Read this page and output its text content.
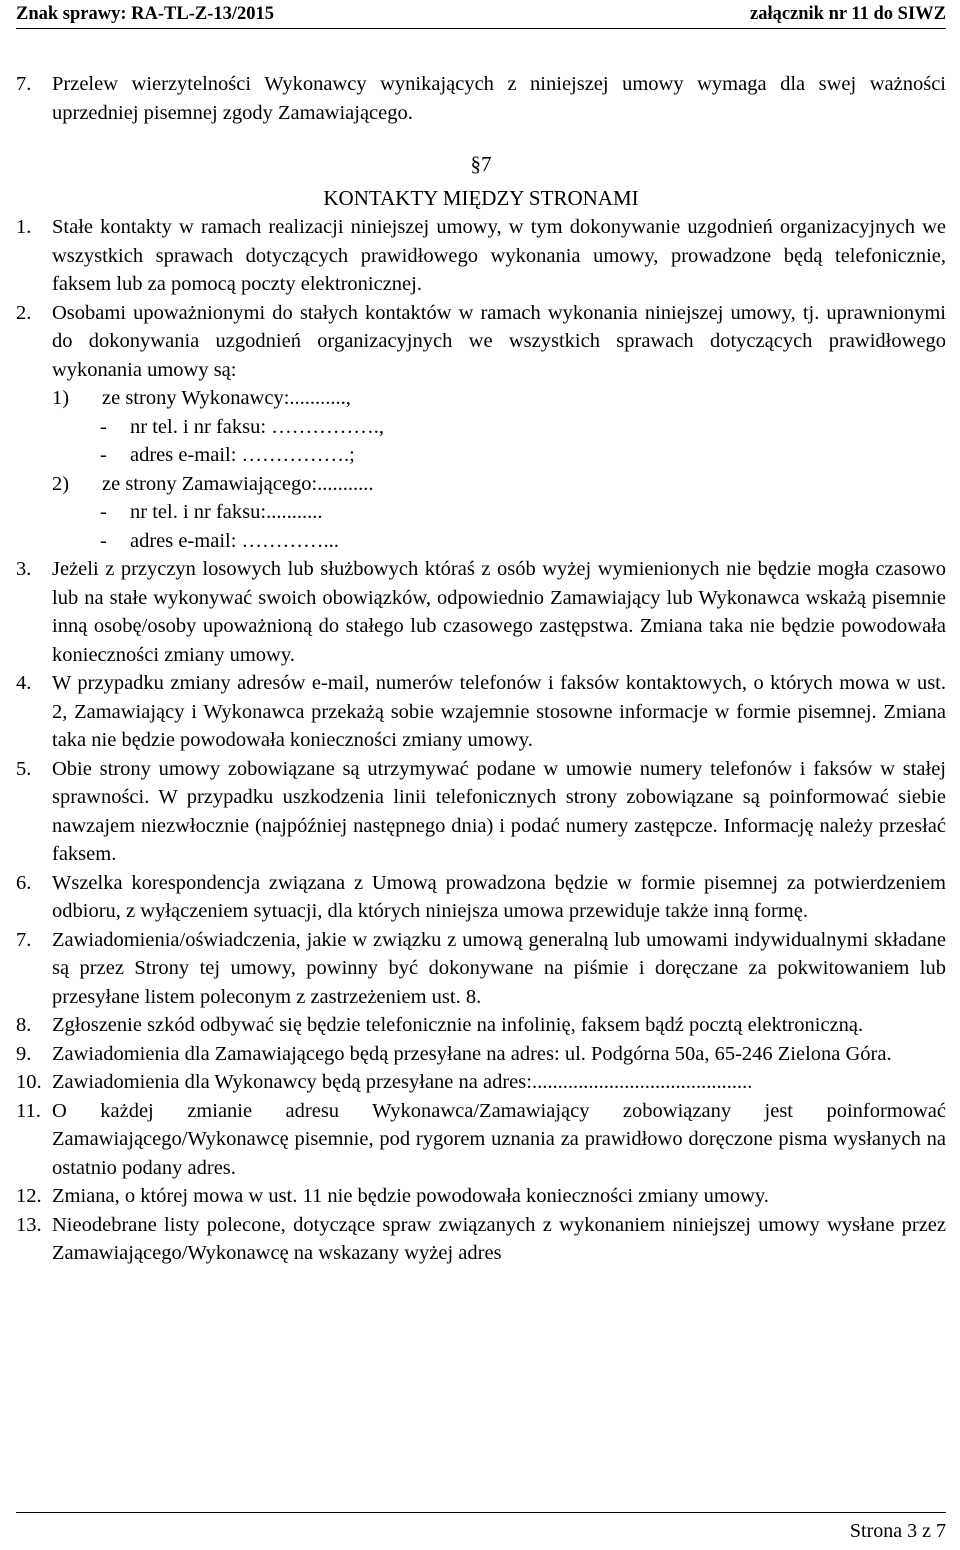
Znak sprawy: RA-TL-Z-13/2015	załącznik nr 11 do SIWZ
7.	Przelew wierzytelności Wykonawcy wynikających z niniejszej umowy wymaga dla swej ważności uprzedniej pisemnej zgody Zamawiającego.
§7
KONTAKTY MIĘDZY STRONAMI
1.	Stałe kontakty w ramach realizacji niniejszej umowy, w tym dokonywanie uzgodnień organizacyjnych we wszystkich sprawach dotyczących prawidłowego wykonania umowy, prowadzone będą telefonicznie, faksem lub za pomocą poczty elektronicznej.
2.	Osobami upoważnionymi do stałych kontaktów w ramach wykonania niniejszej umowy, tj. uprawnionymi do dokonywania uzgodnień organizacyjnych we wszystkich sprawach dotyczących prawidłowego wykonania umowy są:
1)	ze strony Wykonawcy:...........,
-	nr tel. i nr faksu: …………….,
-	adres e-mail: …………….;
2)	ze strony Zamawiającego:...........
-	nr tel. i nr faksu:...........
-	adres e-mail: …………...
3.	Jeżeli z przyczyn losowych lub służbowych któraś z osób wyżej wymienionych nie będzie mogła czasowo lub na stałe wykonywać swoich obowiązków, odpowiednio Zamawiający lub Wykonawca wskażą pisemnie inną osobę/osoby upoważnioną do stałego lub czasowego zastępstwa. Zmiana taka nie będzie powodowała konieczności zmiany umowy.
4.	W przypadku zmiany adresów e-mail, numerów telefonów i faksów kontaktowych, o których mowa w ust. 2, Zamawiający i Wykonawca przekażą sobie wzajemnie stosowne informacje w formie pisemnej. Zmiana taka nie będzie powodowała konieczności zmiany umowy.
5.	Obie strony umowy zobowiązane są utrzymywać podane w umowie numery telefonów i faksów w stałej sprawności. W przypadku uszkodzenia linii telefonicznych strony zobowiązane są poinformować siebie nawzajem niezwłocznie (najpóźniej następnego dnia) i podać numery zastępcze. Informację należy przesłać faksem.
6.	Wszelka korespondencja związana z Umową prowadzona będzie w formie pisemnej za potwierdzeniem odbioru, z wyłączeniem sytuacji, dla których niniejsza umowa przewiduje także inną formę.
7.	Zawiadomienia/oświadczenia, jakie w związku z umową generalną lub umowami indywidualnymi składane są przez Strony tej umowy, powinny być dokonywane na piśmie i doręczane za pokwitowaniem lub przesyłane listem poleconym z zastrzeżeniem ust. 8.
8.	Zgłoszenie szkód odbywać się będzie telefonicznie na infolinię, faksem bądź pocztą elektroniczną.
9.	Zawiadomienia dla Zamawiającego będą przesyłane na adres: ul. Podgórna 50a, 65-246 Zielona Góra.
10. Zawiadomienia dla Wykonawcy będą przesyłane na adres:...........................................
11. O każdej zmianie adresu Wykonawca/Zamawiający zobowiązany jest poinformować Zamawiającego/Wykonawcę pisemnie, pod rygorem uznania za prawidłowo doręczone pisma wysłanych na ostatnio podany adres.
12. Zmiana, o której mowa w ust. 11 nie będzie powodowała konieczności zmiany umowy.
13. Nieodebrane listy polecone, dotyczące spraw związanych z wykonaniem niniejszej umowy wysłane przez Zamawiającego/Wykonawcę na wskazany wyżej adres
Strona 3 z 7
